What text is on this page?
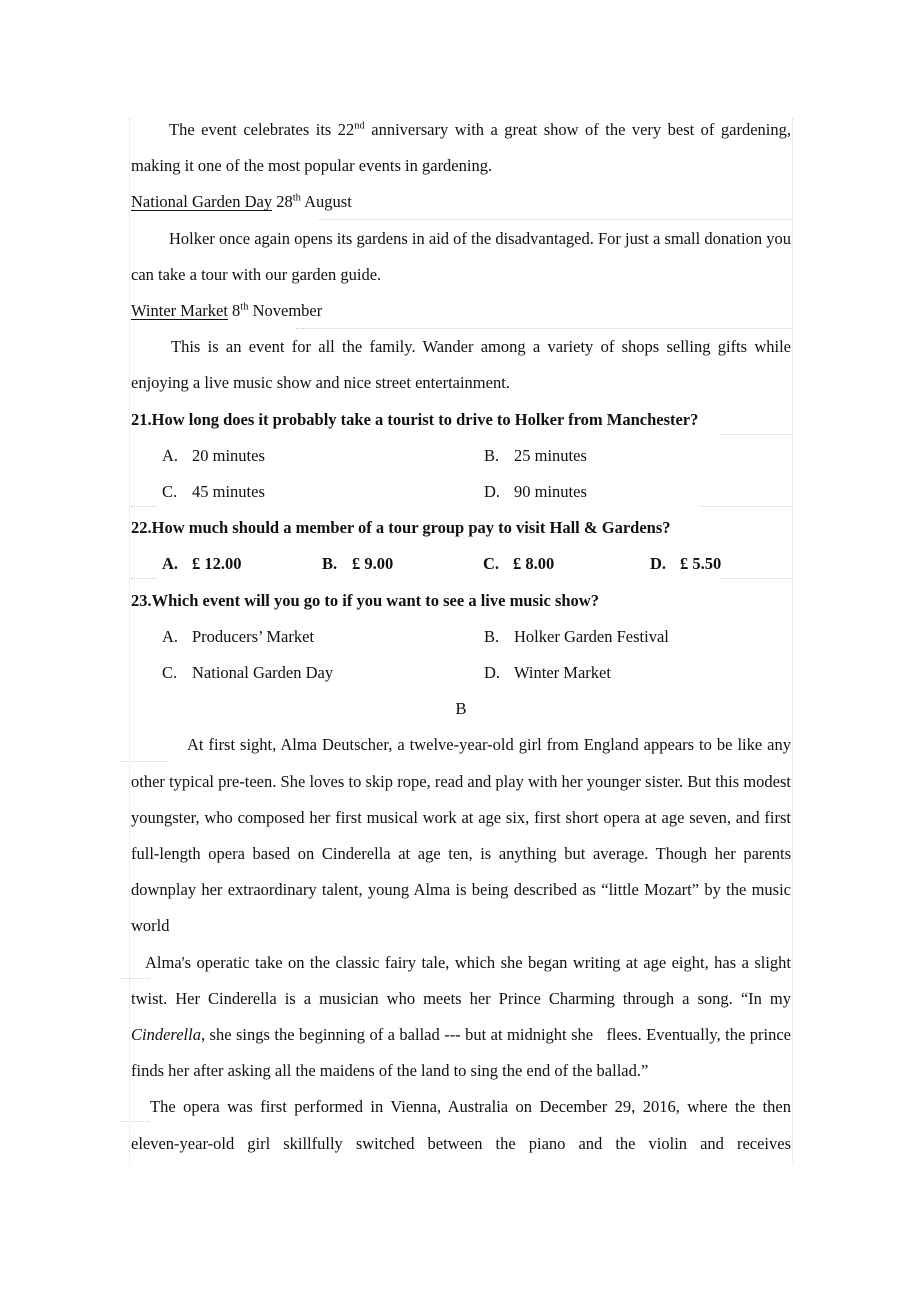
The event celebrates its 22nd anniversary with a great show of the very best of gardening, making it one of the most popular events in gardening.

National Garden Day 28th August

Holker once again opens its gardens in aid of the disadvantaged. For just a small donation you can take a tour with our garden guide.

Winter Market 8th November

This is an event for all the family. Wander among a variety of shops selling gifts while enjoying a live music show and nice street entertainment.

21.How long does it probably take a tourist to drive to Holker from Manchester?

A. 20 minutes	B. 25 minutes
C. 45 minutes	D. 90 minutes

22.How much should a member of a tour group pay to visit Hall & Gardens?

A. £ 12.00	B. £ 9.00	C. £ 8.00	D. £ 5.50

23.Which event will you go to if you want to see a live music show?

A. Producers’ Market	B. Holker Garden Festival
C. National Garden Day	D. Winter Market

B

At first sight, Alma Deutscher, a twelve-year-old girl from England appears to be like any other typical pre-teen. She loves to skip rope, read and play with her younger sister. But this modest youngster, who composed her first musical work at age six, first short opera at age seven, and first full-length opera based on Cinderella at age ten, is anything but average. Though her parents downplay her extraordinary talent, young Alma is being described as “little Mozart” by the music world

Alma's operatic take on the classic fairy tale, which she began writing at age eight, has a slight twist. Her Cinderella is a musician who meets her Prince Charming through a song. “In my Cinderella, she sings the beginning of a ballad --- but at midnight she   flees. Eventually, the prince finds her after asking all the maidens of the land to sing the end of the ballad.”

The opera was first performed in Vienna, Australia on December 29, 2016, where the then eleven-year-old girl skillfully switched between the piano and the violin and receives
